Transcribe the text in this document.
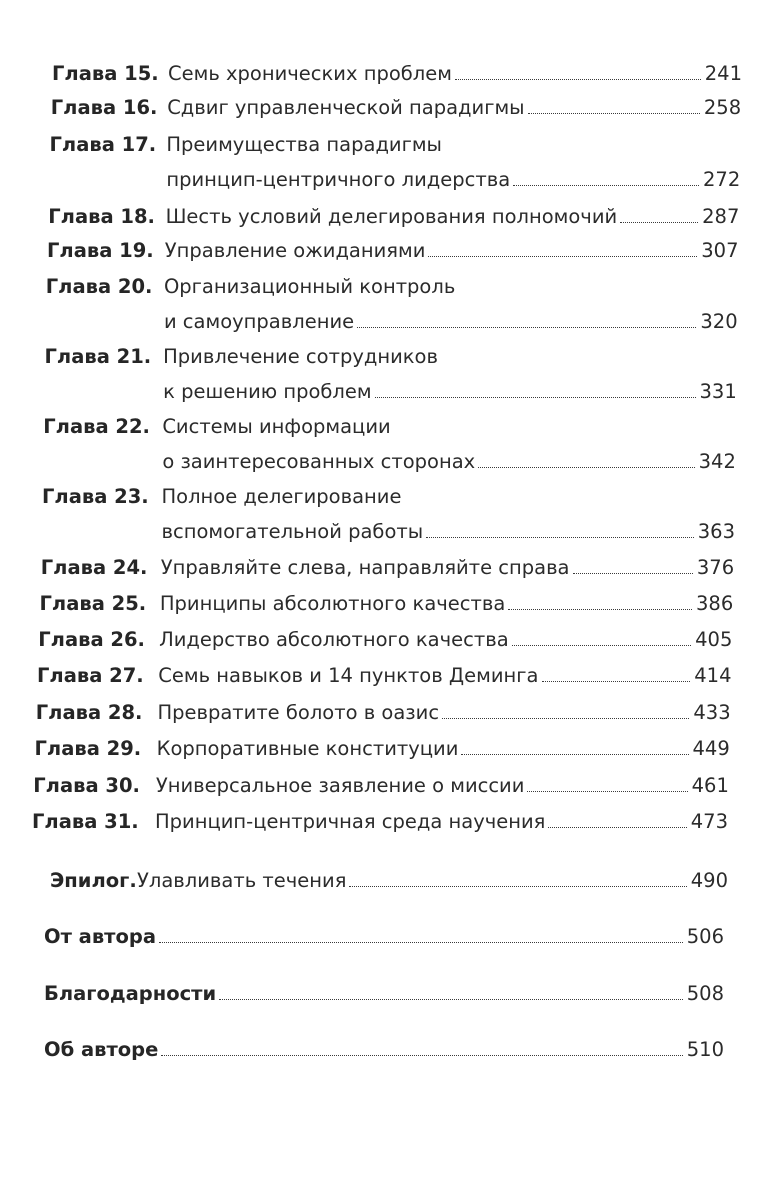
Глава 15. Семь хронических проблем	241
Глава 16. Сдвиг управленческой парадигмы	258
Глава 17. Преимущества парадигмы
принцип-центричного лидерства	272
Глава 18. Шесть условий делегирования полномочий	287
Глава 19. Управление ожиданиями	307
Глава 20. Организационный контроль
и самоуправление	320
Глава 21. Привлечение сотрудников
к решению проблем	331
Глава 22. Системы информации
о заинтересованных сторонах	342
Глава 23. Полное делегирование
вспомогательной работы	363
Глава 24. Управляйте слева, направляйте справа	376
Глава 25. Принципы абсолютного качества	386
Глава 26. Лидерство абсолютного качества	405
Глава 27. Семь навыков и 14 пунктов Деминга	414
Глава 28. Превратите болото в оазис	433
Глава 29. Корпоративные конституции	449
Глава 30. Универсальное заявление о миссии	461
Глава 31. Принцип-центричная среда научения	473
Эпилог. Улавливать течения	490
От автора	506
Благодарности	508
Об авторе	510
